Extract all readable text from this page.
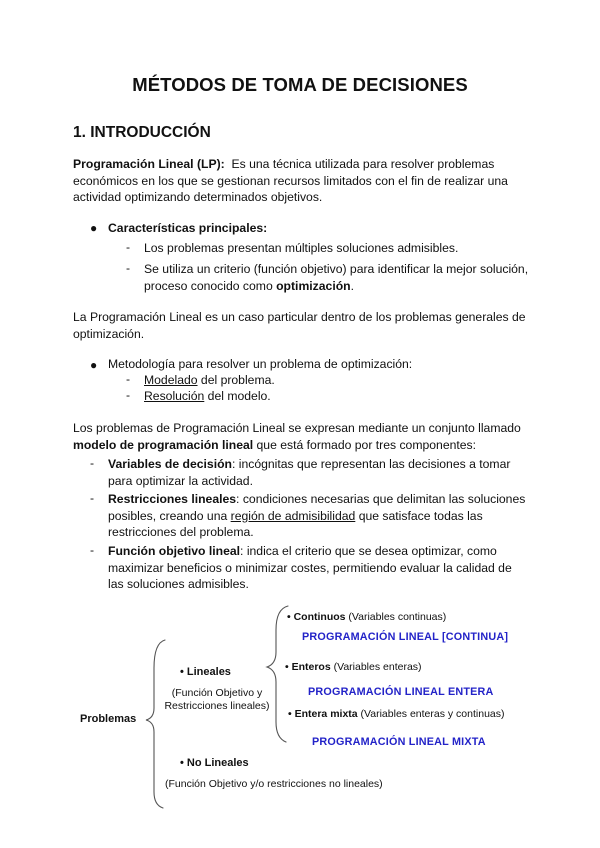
MÉTODOS DE TOMA DE DECISIONES
1. INTRODUCCIÓN
Programación Lineal (LP): Es una técnica utilizada para resolver problemas
económicos en los que se gestionan recursos limitados con el fin de realizar una
actividad optimizando determinados objetivos.
● Características principales:
- Los problemas presentan múltiples soluciones admisibles.
- Se utiliza un criterio (función objetivo) para identificar la mejor solución,
proceso conocido como optimización.
La Programación Lineal es un caso particular dentro de los problemas generales de
optimización.
● Metodología para resolver un problema de optimización:
- Modelado del problema.
- Resolución del modelo.
Los problemas de Programación Lineal se expresan mediante un conjunto llamado
modelo de programación lineal que está formado por tres componentes:
- Variables de decisión: incógnitas que representan las decisiones a tomar
para optimizar la actividad.
- Restricciones lineales: condiciones necesarias que delimitan las soluciones
posibles, creando una región de admisibilidad que satisface todas las
restricciones del problema.
- Función objetivo lineal: indica el criterio que se desea optimizar, como
maximizar beneficios o minimizar costes, permitiendo evaluar la calidad de
las soluciones admisibles.
Problemas
• Lineales
(Función Objetivo y
Restricciones lineales)
• Continuos (Variables continuas)
PROGRAMACIÓN LINEAL [CONTINUA]
• Enteros (Variables enteras)
PROGRAMACIÓN LINEAL ENTERA
• Entera mixta (Variables enteras y continuas)
PROGRAMACIÓN LINEAL MIXTA
• No Lineales
(Función Objetivo y/o restricciones no lineales)
